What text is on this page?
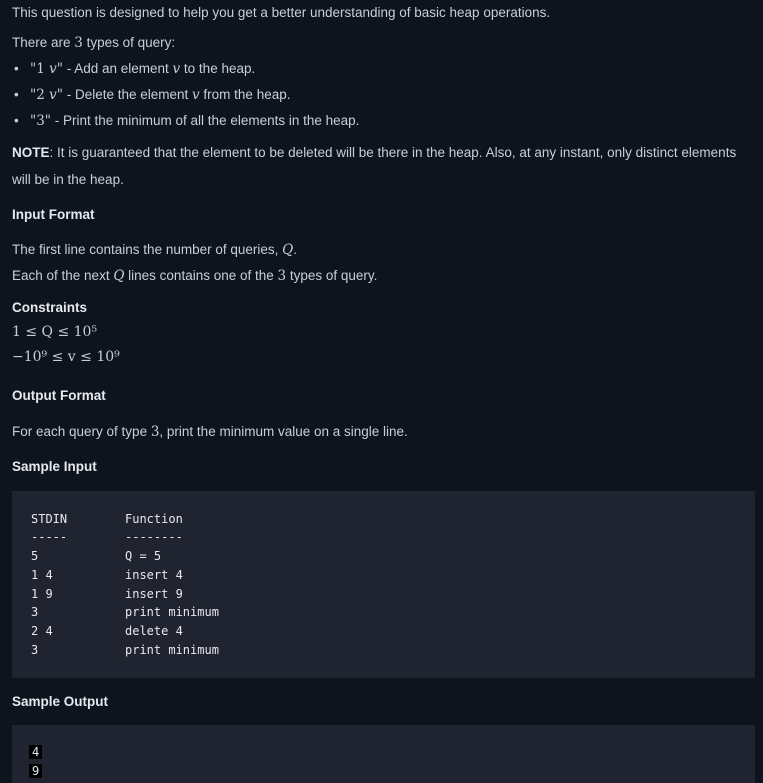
This question is designed to help you get a better understanding of basic heap operations.

There are 3 types of query:

• "1 v" - Add an element v to the heap.
• "2 v" - Delete the element v from the heap.
• "3" - Print the minimum of all the elements in the heap.

NOTE: It is guaranteed that the element to be deleted will be there in the heap. Also, at any instant, only distinct elements

will be in the heap.

Input Format

The first line contains the number of queries, Q.

Each of the next Q lines contains one of the 3 types of query.

Constraints

1 ≤ Q ≤ 10⁵

−10⁹ ≤ v ≤ 10⁹

Output Format

For each query of type 3, print the minimum value on a single line.

Sample Input

STDIN	Function
-----	--------
5	Q = 5
1 4	insert 4
1 9	insert 9
3	print minimum
2 4	delete 4
3	print minimum

Sample Output

4
9
